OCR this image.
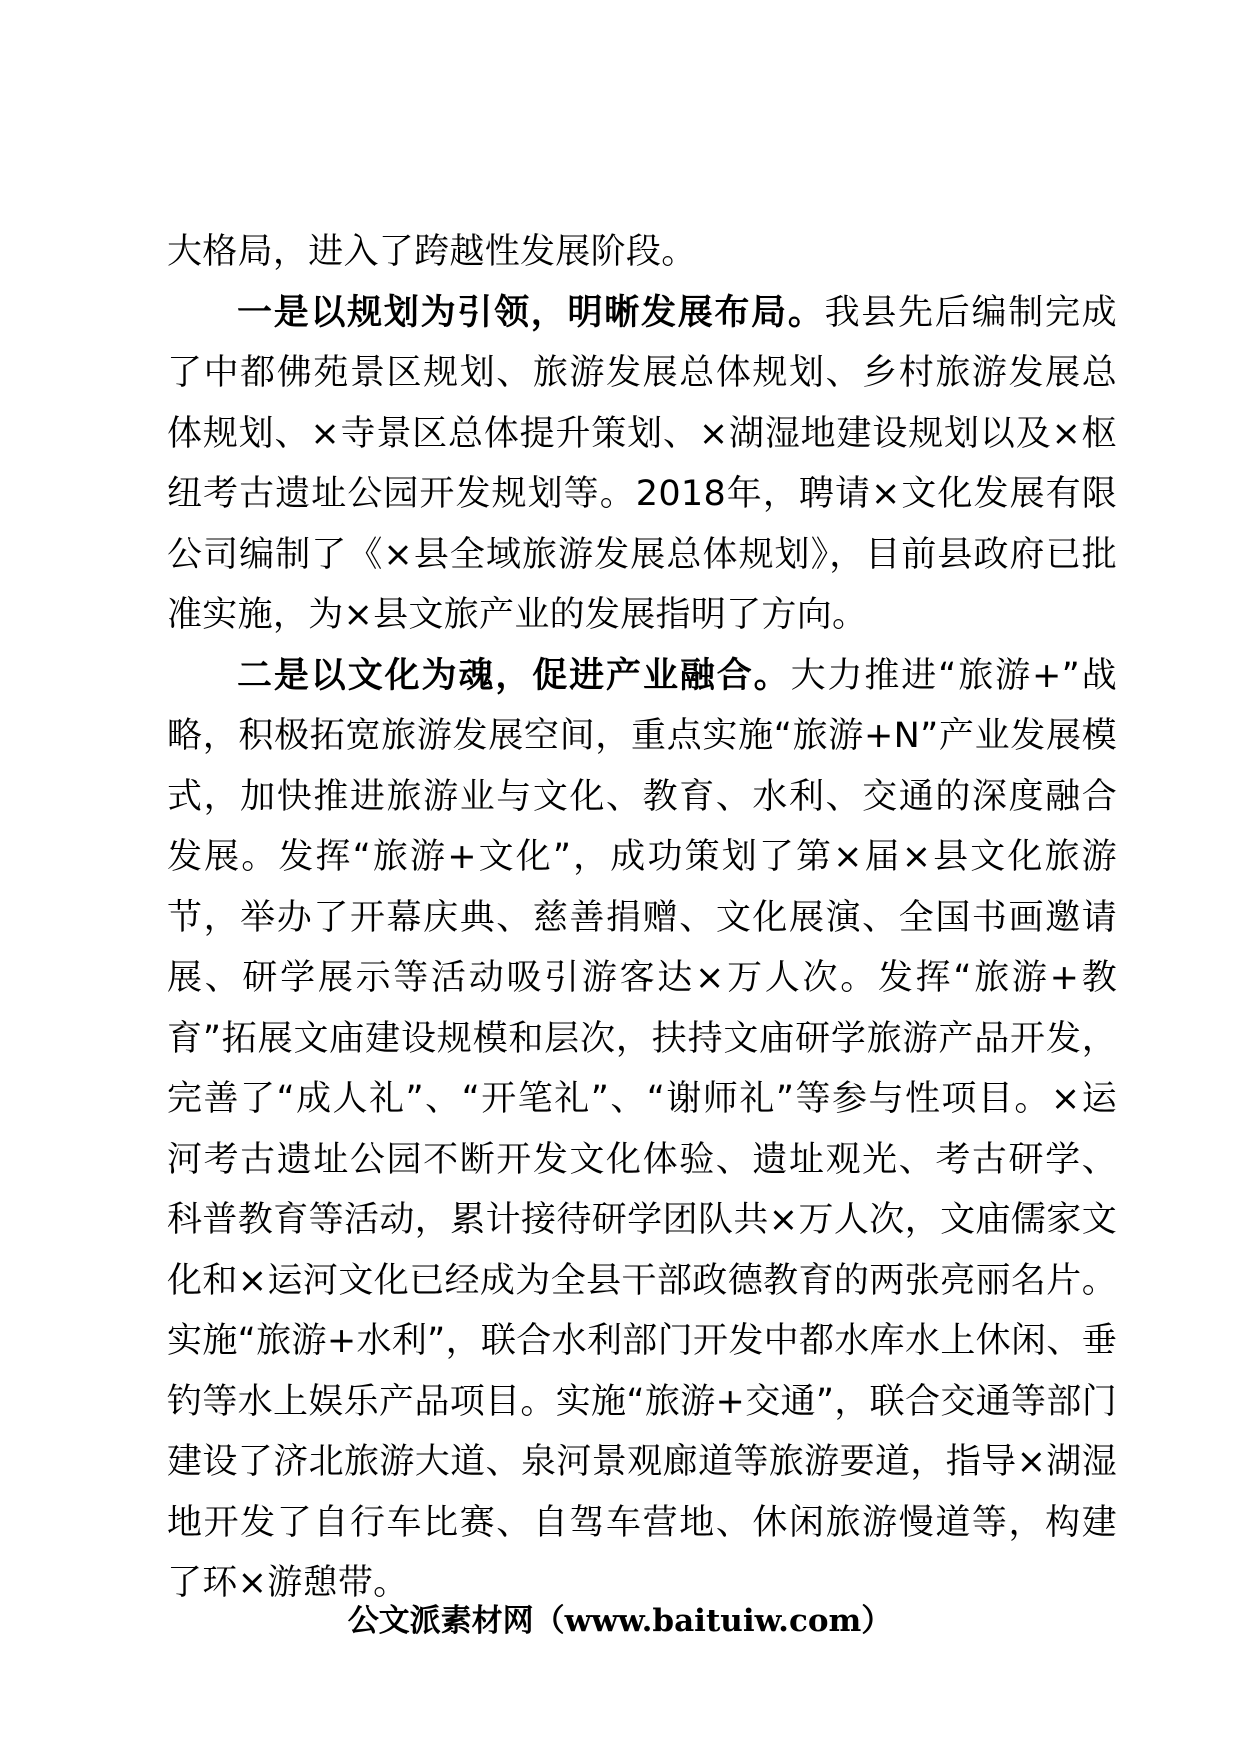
大格局，进入了跨越性发展阶段。

一是以规划为引领，明晰发展布局。我县先后编制完成了中都佛苑景区规划、旅游发展总体规划、乡村旅游发展总体规划、×寺景区总体提升策划、×湖湿地建设规划以及×枢纽考古遗址公园开发规划等。2018年，聘请×文化发展有限公司编制了《×县全域旅游发展总体规划》，目前县政府已批准实施，为×县文旅产业的发展指明了方向。

二是以文化为魂，促进产业融合。大力推进“旅游+”战略，积极拓宽旅游发展空间，重点实施“旅游+N”产业发展模式，加快推进旅游业与文化、教育、水利、交通的深度融合发展。发挥“旅游+文化”，成功策划了第×届×县文化旅游节，举办了开幕庆典、慈善捐赠、文化展演、全国书画邀请展、研学展示等活动吸引游客达×万人次。发挥“旅游+教育”拓展文庙建设规模和层次，扶持文庙研学旅游产品开发，完善了“成人礼”、“开笔礼”、“谢师礼”等参与性项目。×运河考古遗址公园不断开发文化体验、遗址观光、考古研学、科普教育等活动，累计接待研学团队共×万人次，文庙儒家文化和×运河文化已经成为全县干部政德教育的两张亮丽名片。实施“旅游+水利”，联合水利部门开发中都水库水上休闲、垂钓等水上娱乐产品项目。实施“旅游+交通”，联合交通等部门建设了济北旅游大道、泉河景观廊道等旅游要道，指导×湖湿地开发了自行车比赛、自驾车营地、休闲旅游慢道等，构建了环×游憩带。

公文派素材网（www.baituiw.com）
